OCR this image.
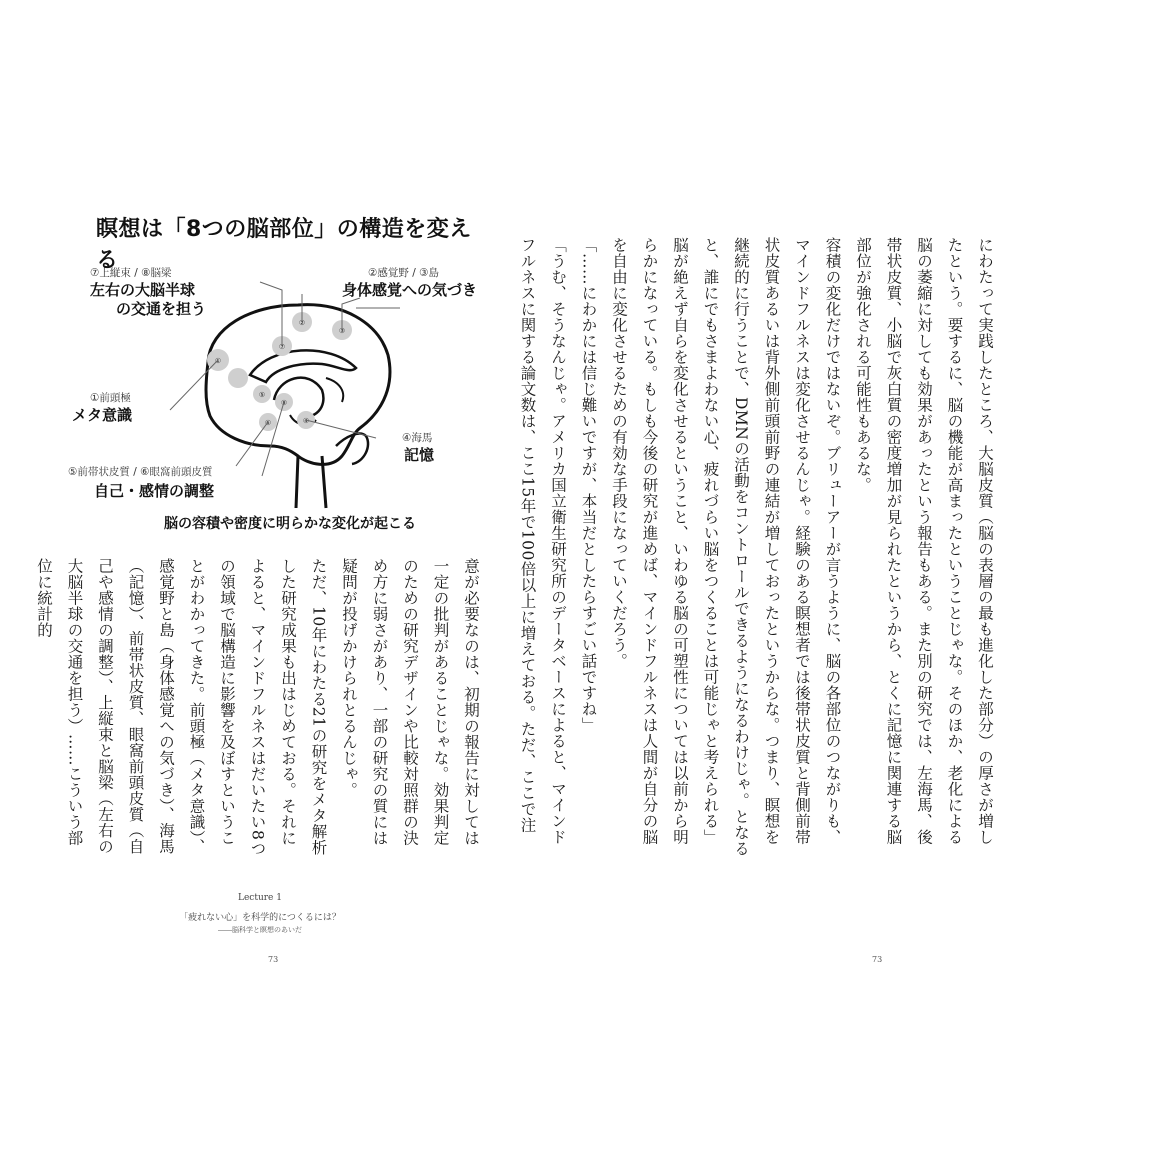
瞑想は「8つの脳部位」の構造を変える
①
⑦
②
③
⑤
⑧
④
⑥
⑦上縦束 / ⑧脳梁
左右の大脳半球
の交通を担う
②感覚野 / ③島
身体感覚への気づき
①前頭極
メタ意識
④海馬
記憶
⑤前帯状皮質 / ⑥眼窩前頭皮質
自己・感情の調整
脳の容積や密度に明らかな変化が起こる

意が必要なのは、初期の報告に対しては一定の批判があることじゃな。効果判定のための研究デザインや比較対照群の決め方に弱さがあり、一部の研究の質には疑問が投げかけられとるんじゃ。

ただ、10年にわたる21の研究をメタ解析した研究成果も出はじめておる。それによると、マインドフルネスはだいたい8つの領域で脳構造に影響を及ぼすということがわかってきた。前頭極（メタ意識）、感覚野と島（身体感覚への気づき）、海馬（記憶）、前帯状皮質、眼窩前頭皮質（自己や感情の調整）、上縦束と脳梁（左右の大脳半球の交通を担う）……こういう部位に統計的

Lecture 1
「疲れない心」を科学的につくるには？
――脳科学と瞑想のあいだ
73

にわたって実践したところ、大脳皮質（脳の表層の最も進化した部分）の厚さが増したという。要するに、脳の機能が高まったということじゃな。そのほか、老化による脳の萎縮に対しても効果があったという報告もある。また別の研究では、左海馬、後帯状皮質、小脳で灰白質の密度増加が見られたというから、とくに記憶に関連する脳部位が強化される可能性もあるな。

容積の変化だけではないぞ。ブリューアーが言うように、脳の各部位のつながりも、マインドフルネスは変化させるんじゃ。経験のある瞑想者では後帯状皮質と背側前帯状皮質あるいは背外側前頭前野の連結が増しておったというからな。つまり、瞑想を継続的に行うことで、DMNの活動をコントロールできるようになるわけじゃ。となると、誰にでもさまよわない心、疲れづらい脳をつくることは可能じゃと考えられる」

脳が絶えず自らを変化させるということ、いわゆる脳の可塑性については以前から明らかになっている。もしも今後の研究が進めば、マインドフルネスは人間が自分の脳を自由に変化させるための有効な手段になっていくだろう。

「……にわかには信じ難いですが、本当だとしたらすごい話ですね」

「うむ、そうなんじゃ。アメリカ国立衛生研究所のデータベースによると、マインドフルネスに関する論文数は、ここ15年で100倍以上に増えておる。ただ、ここで注

73
